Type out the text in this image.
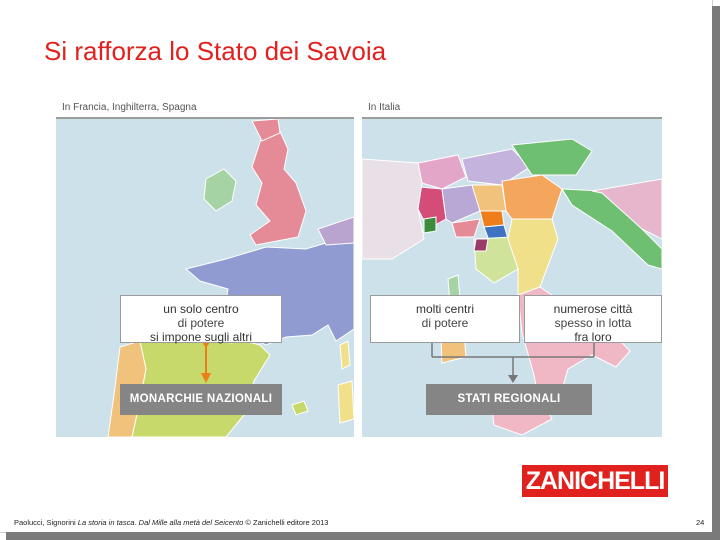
Si rafforza lo Stato dei Savoia
In Francia, Inghilterra, Spagna
un solo centro
di potere
si impone sugli altri
MONARCHIE NAZIONALI
In Italia
molti centri
di potere
numerose città
spesso in lotta
fra loro
STATI REGIONALI
ZANICHELLI
Paolucci, Signorini La storia in tasca. Dal Mille alla metà del Seicento © Zanichelli editore 2013	24
